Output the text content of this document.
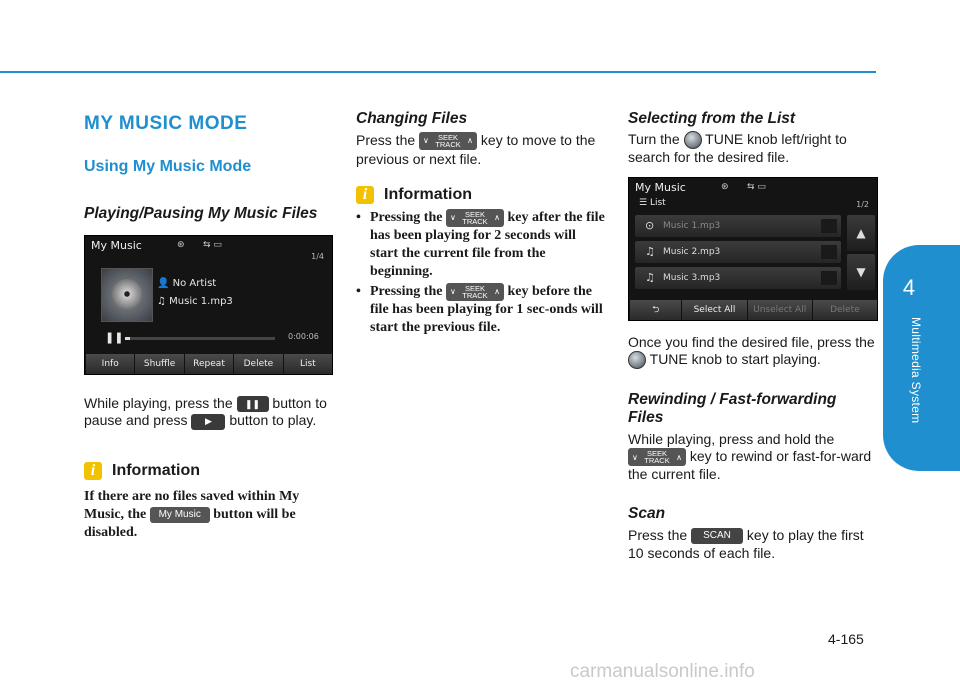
4
Multimedia System
MY MUSIC MODE
Using My Music Mode
Playing/Pausing My Music Files
My Music	⊛ ⇆ ▭
1/4
👤 No Artist
♫ Music 1.mp3
❚❚	0:00:06
Info	Shuffle	Repeat	Delete	List
While playing, press the ❚❚ button to pause and press ▶ button to play.
i	Information
If there are no files saved within My Music, the My Music button will be disabled.
Changing Files
Press the ∨	SEEK
TRACK ∧ key to move to the previous or next file.
i	Information
• Pressing the ∨	SEEK
TRACK ∧ key after the file has been playing for 2 seconds will start the current file from the beginning.
• Pressing the ∨	SEEK
TRACK ∧ key before the file has been playing for 1 sec-onds will start the previous file.
Selecting from the List
Turn the TUNE knob left/right to search for the desired file.
My Music	⊛ ⇆ ▭
☰ List	1/2
⊙ Music 1.mp3
♫ Music 2.mp3
♫ Music 3.mp3
▲
▼
⮌	Select All	Unselect All	Delete
Once you find the desired file, press the  TUNE knob to start playing.
Rewinding / Fast-forwarding Files
While playing, press and hold the
∨	SEEK
TRACK ∧ key to rewind or fast-for-ward the current file.
Scan
Press the SCAN key to play the first 10 seconds of each file.
4-165
carmanualsonline.info
